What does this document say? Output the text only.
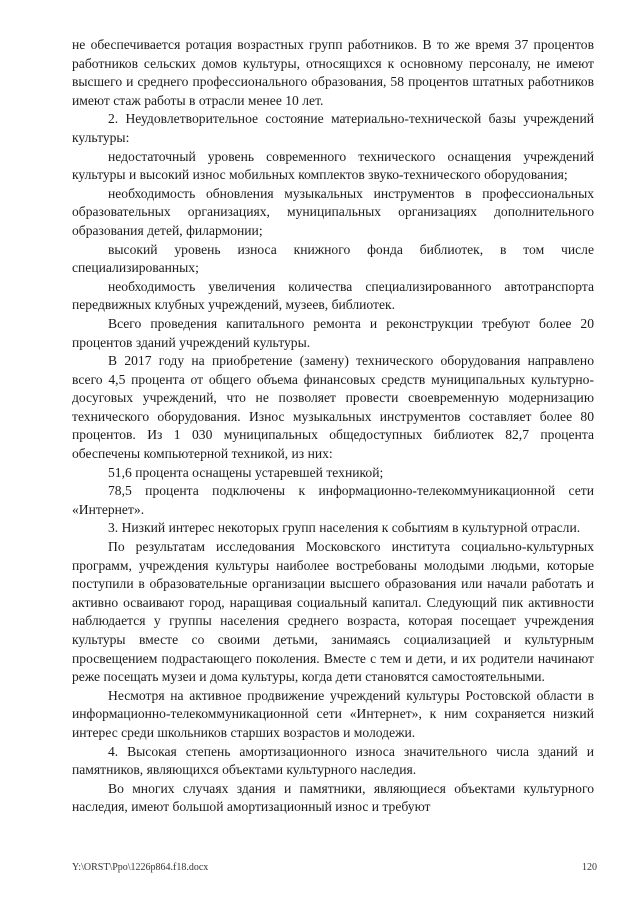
не обеспечивается ротация возрастных групп работников. В то же время 37 процентов работников сельских домов культуры, относящихся к основному персоналу, не имеют высшего и среднего профессионального образования, 58 процентов штатных работников имеют стаж работы в отрасли менее 10 лет.

2. Неудовлетворительное состояние материально-технической базы учреждений культуры:

недостаточный уровень современного технического оснащения учреждений культуры и высокий износ мобильных комплектов звуко-технического оборудования;

необходимость обновления музыкальных инструментов в профессиональных образовательных организациях, муниципальных организациях дополнительного образования детей, филармонии;

высокий уровень износа книжного фонда библиотек, в том числе специализированных;

необходимость увеличения количества специализированного автотранспорта передвижных клубных учреждений, музеев, библиотек.

Всего проведения капитального ремонта и реконструкции требуют более 20 процентов зданий учреждений культуры.

В 2017 году на приобретение (замену) технического оборудования направлено всего 4,5 процента от общего объема финансовых средств муниципальных культурно-досуговых учреждений, что не позволяет провести своевременную модернизацию технического оборудования. Износ музыкальных инструментов составляет более 80 процентов. Из 1 030 муниципальных общедоступных библиотек 82,7 процента обеспечены компьютерной техникой, из них:

51,6 процента оснащены устаревшей техникой;

78,5 процента подключены к информационно-телекоммуникационной сети «Интернет».

3. Низкий интерес некоторых групп населения к событиям в культурной отрасли.

По результатам исследования Московского института социально-культурных программ, учреждения культуры наиболее востребованы молодыми людьми, которые поступили в образовательные организации высшего образования или начали работать и активно осваивают город, наращивая социальный капитал. Следующий пик активности наблюдается у группы населения среднего возраста, которая посещает учреждения культуры вместе со своими детьми, занимаясь социализацией и культурным просвещением подрастающего поколения. Вместе с тем и дети, и их родители начинают реже посещать музеи и дома культуры, когда дети становятся самостоятельными.

Несмотря на активное продвижение учреждений культуры Ростовской области в информационно-телекоммуникационной сети «Интернет», к ним сохраняется низкий интерес среди школьников старших возрастов и молодежи.

4. Высокая степень амортизационного износа значительного числа зданий и памятников, являющихся объектами культурного наследия.

Во многих случаях здания и памятники, являющиеся объектами культурного наследия, имеют большой амортизационный износ и требуют

Y:\ORST\Ppo\1226p864.f18.docx	120
